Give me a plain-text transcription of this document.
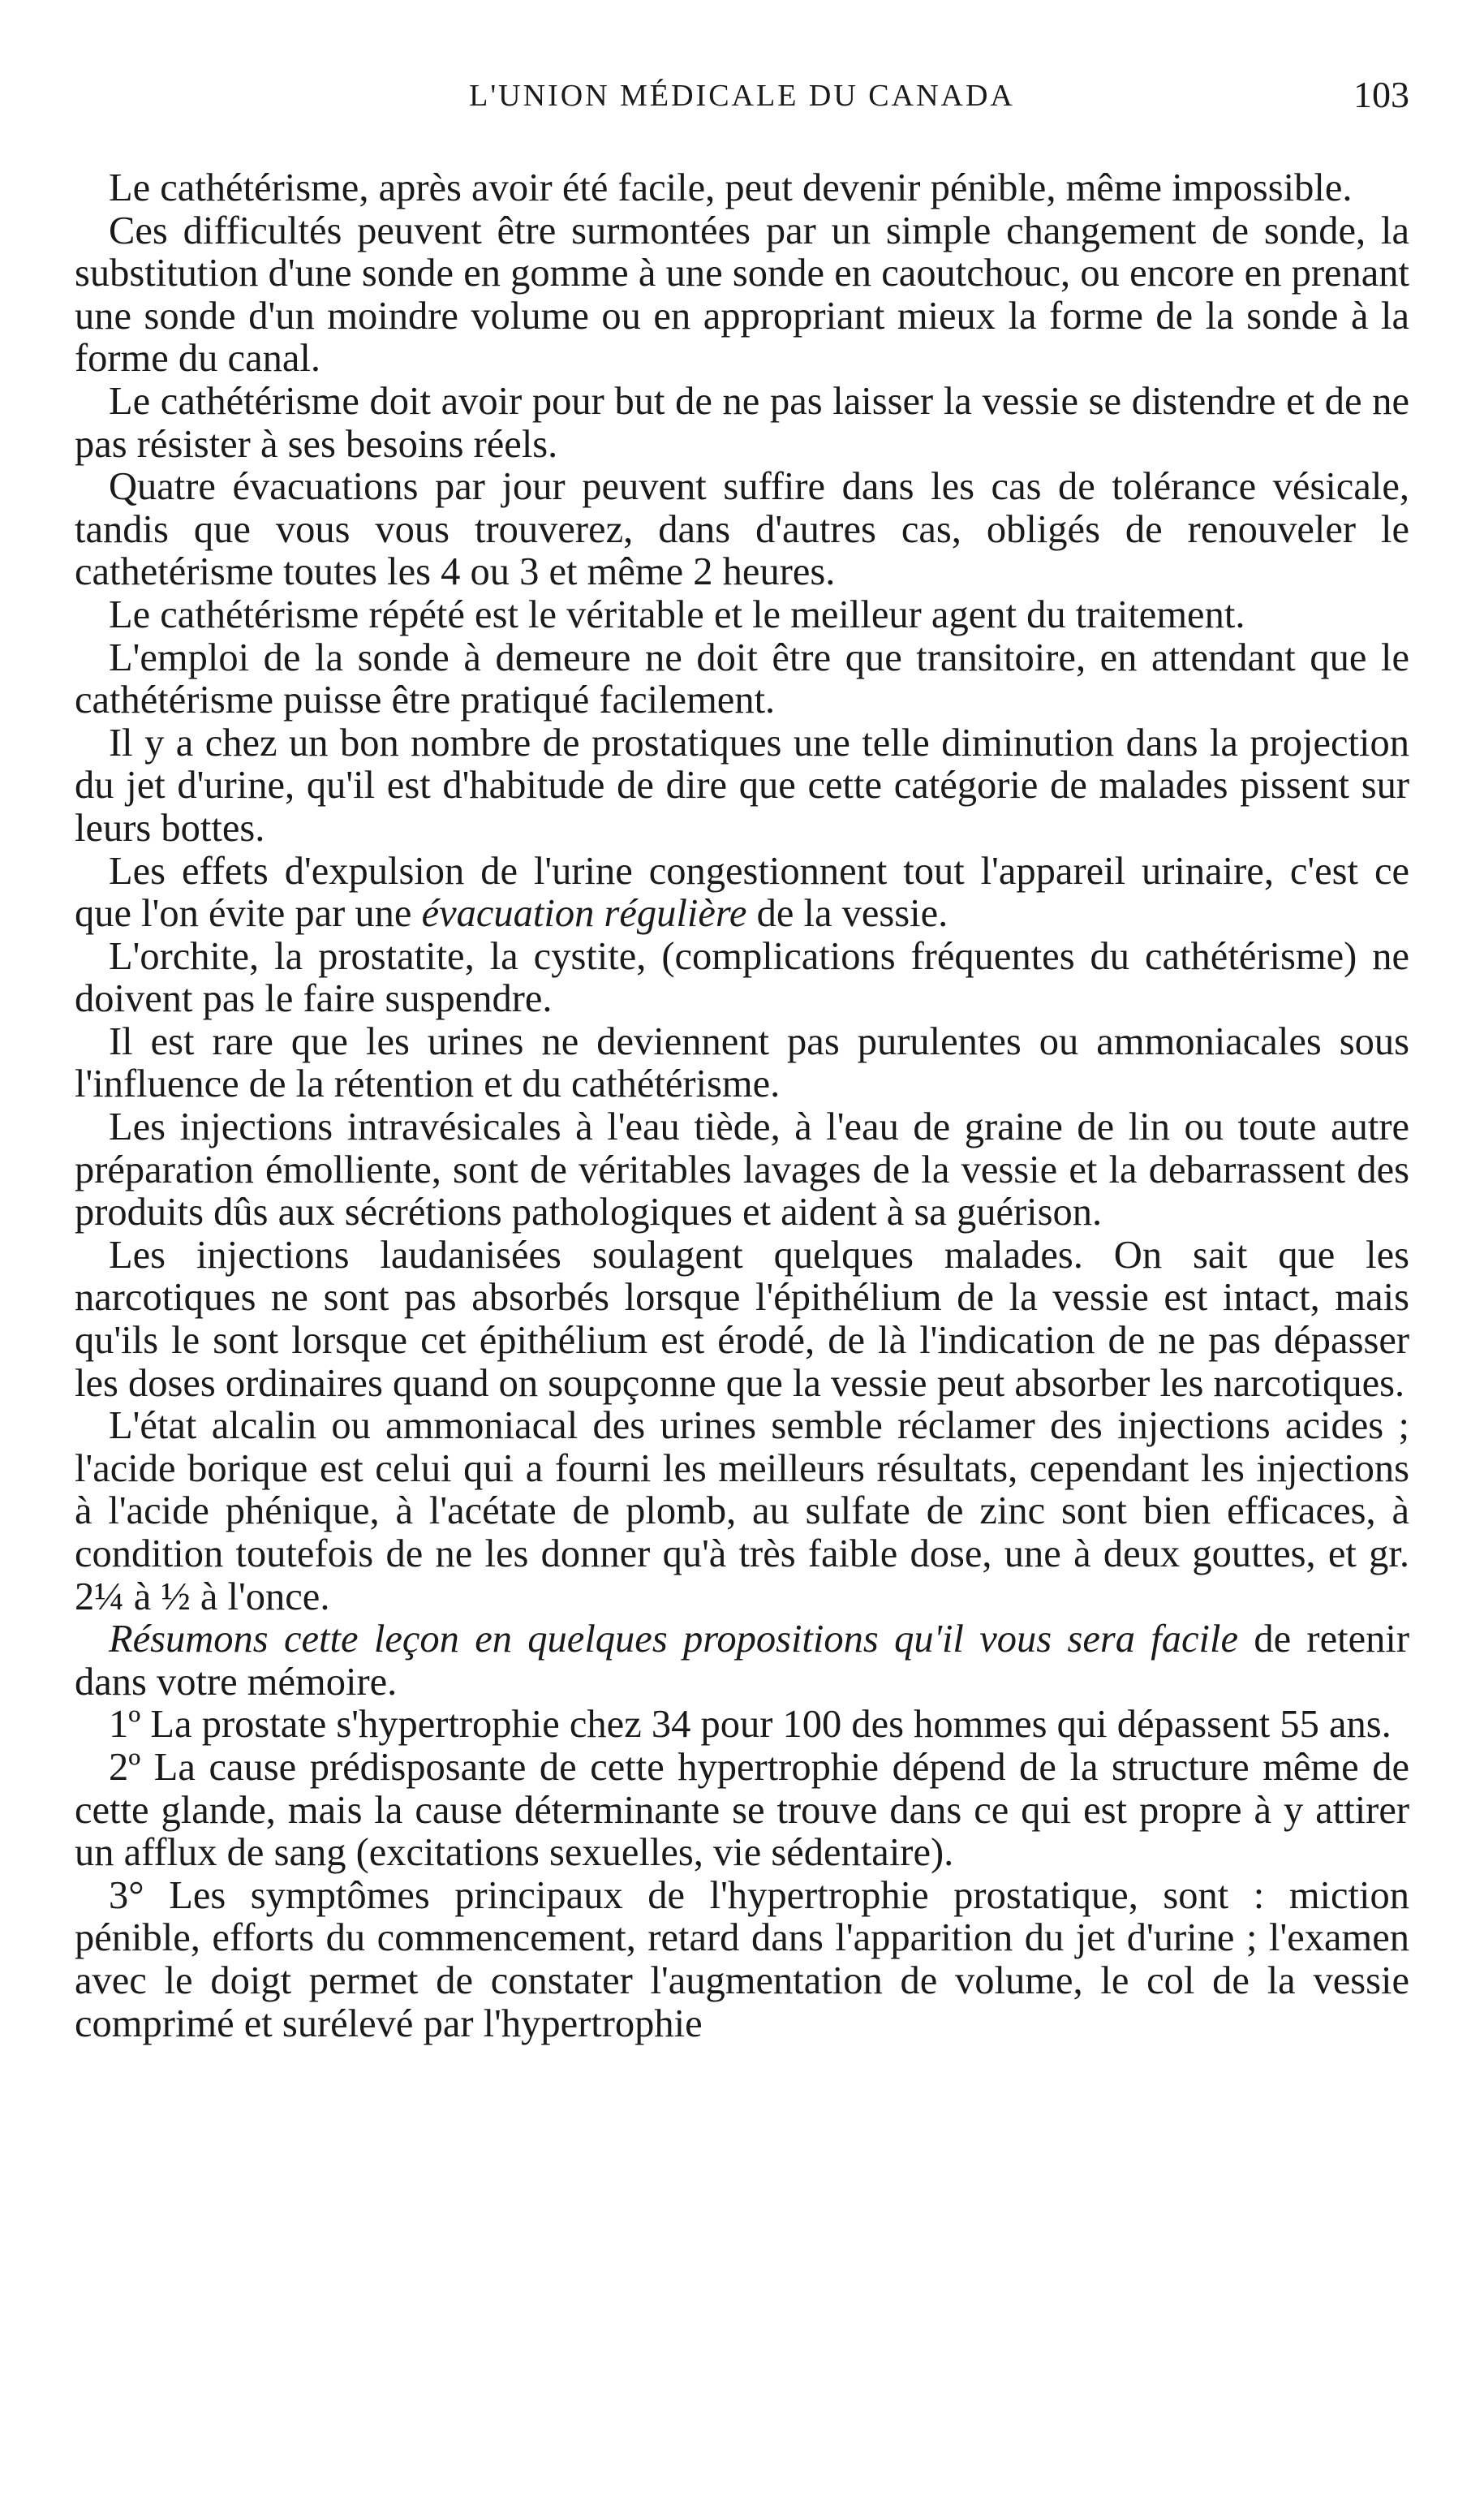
L'UNION MÉDICALE DU CANADA	103

Le cathétérisme, après avoir été facile, peut devenir pénible, même impossible.

Ces difficultés peuvent être surmontées par un simple changement de sonde, la substitution d'une sonde en gomme à une sonde en caoutchouc, ou encore en prenant une sonde d'un moindre volume ou en appropriant mieux la forme de la sonde à la forme du canal.

Le cathétérisme doit avoir pour but de ne pas laisser la vessie se distendre et de ne pas résister à ses besoins réels.

Quatre évacuations par jour peuvent suffire dans les cas de tolérance vésicale, tandis que vous vous trouverez, dans d'autres cas, obligés de renouveler le cathetérisme toutes les 4 ou 3 et même 2 heures.

Le cathétérisme répété est le véritable et le meilleur agent du traitement.

L'emploi de la sonde à demeure ne doit être que transitoire, en attendant que le cathétérisme puisse être pratiqué facilement.

Il y a chez un bon nombre de prostatiques une telle diminution dans la projection du jet d'urine, qu'il est d'habitude de dire que cette catégorie de malades pissent sur leurs bottes.

Les effets d'expulsion de l'urine congestionnent tout l'appareil urinaire, c'est ce que l'on évite par une évacuation régulière de la vessie.

L'orchite, la prostatite, la cystite, (complications fréquentes du cathétérisme) ne doivent pas le faire suspendre.

Il est rare que les urines ne deviennent pas purulentes ou ammoniacales sous l'influence de la rétention et du cathétérisme.

Les injections intravésicales à l'eau tiède, à l'eau de graine de lin ou toute autre préparation émolliente, sont de véritables lavages de la vessie et la debarrassent des produits dûs aux sécrétions pathologiques et aident à sa guérison.

Les injections laudanisées soulagent quelques malades. On sait que les narcotiques ne sont pas absorbés lorsque l'épithélium de la vessie est intact, mais qu'ils le sont lorsque cet épithélium est érodé, de là l'indication de ne pas dépasser les doses ordinaires quand on soupçonne que la vessie peut absorber les narcotiques.

L'état alcalin ou ammoniacal des urines semble réclamer des injections acides ; l'acide borique est celui qui a fourni les meilleurs résultats, cependant les injections à l'acide phénique, à l'acétate de plomb, au sulfate de zinc sont bien efficaces, à condition toutefois de ne les donner qu'à très faible dose, une à deux gouttes, et gr. 2¼ à ½ à l'once.

Résumons cette leçon en quelques propositions qu'il vous sera facile de retenir dans votre mémoire.

1º La prostate s'hypertrophie chez 34 pour 100 des hommes qui dépassent 55 ans.

2º La cause prédisposante de cette hypertrophie dépend de la structure même de cette glande, mais la cause déterminante se trouve dans ce qui est propre à y attirer un afflux de sang (excitations sexuelles, vie sédentaire).

3° Les symptômes principaux de l'hypertrophie prostatique, sont : miction pénible, efforts du commencement, retard dans l'apparition du jet d'urine ; l'examen avec le doigt permet de constater l'augmentation de volume, le col de la vessie comprimé et surélevé par l'hypertrophie
